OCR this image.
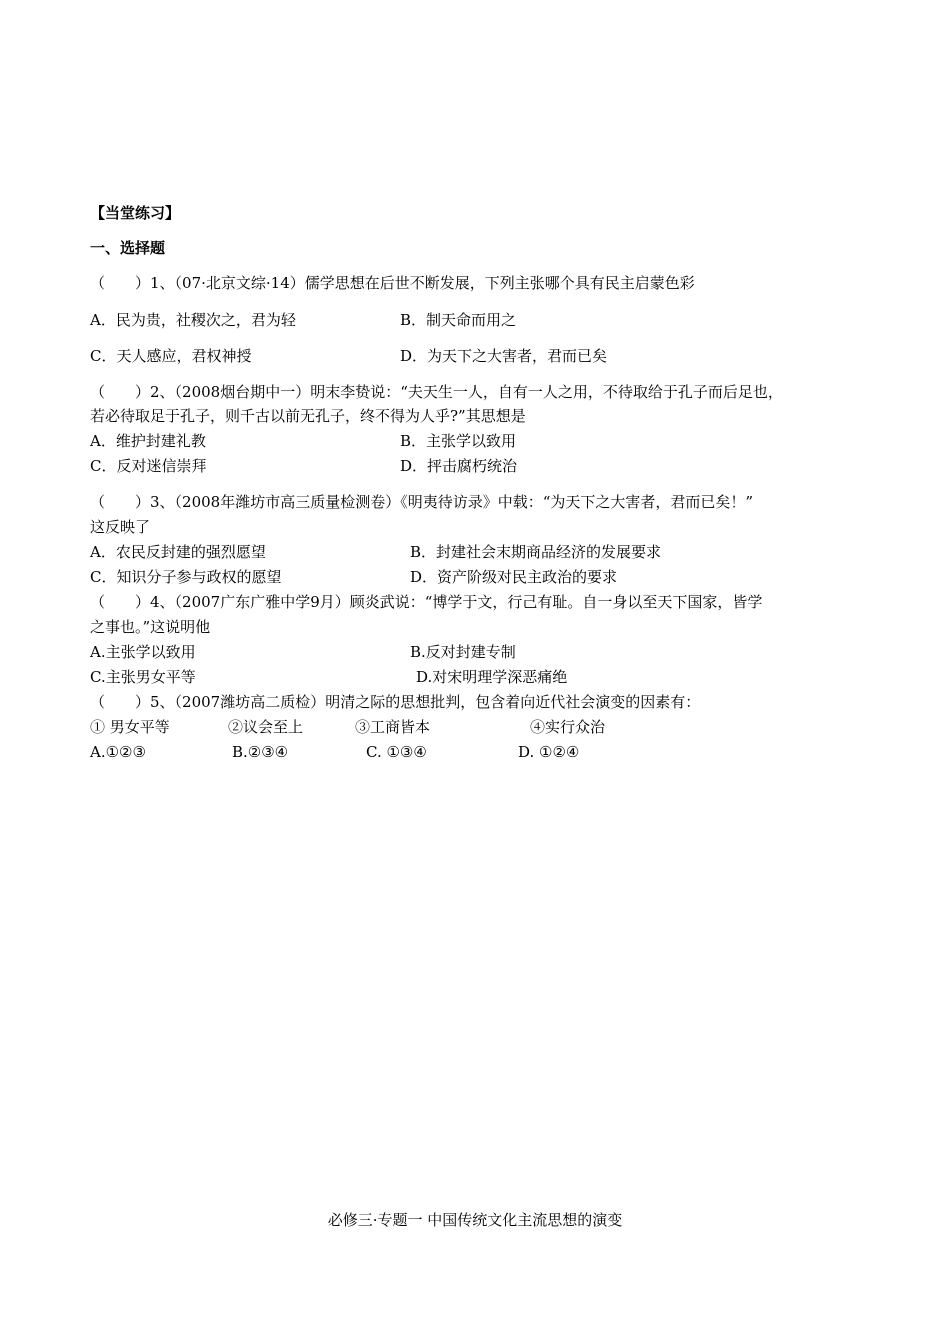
【当堂练习】
一、选择题
（　　）1、（07·北京文综·14）儒学思想在后世不断发展，下列主张哪个具有民主启蒙色彩
A．民为贵，社稷次之，君为轻	B．制天命而用之
C．天人感应，君权神授	D．为天下之大害者，君而已矣
（　　）2、（2008烟台期中一）明末李贽说：“夫天生一人，自有一人之用，不待取给于孔子而后足也，
若必待取足于孔子，则千古以前无孔子，终不得为人乎?”其思想是
A．维护封建礼教	B．主张学以致用
C．反对迷信崇拜	D．抨击腐朽统治
（　　）3、（2008年潍坊市高三质量检测卷）《明夷待访录》中载：“为天下之大害者，君而已矣！”
这反映了
A．农民反封建的强烈愿望	B．封建社会末期商品经济的发展要求
C．知识分子参与政权的愿望	D．资产阶级对民主政治的要求
（　　）4、（2007广东广雅中学9月）顾炎武说：“博学于文，行己有耻。自一身以至天下国家，皆学
之事也。”这说明他
A.主张学以致用	B.反对封建专制
C.主张男女平等	D.对宋明理学深恶痛绝
（　　）5、（2007潍坊高二质检）明清之际的思想批判，包含着向近代社会演变的因素有：
① 男女平等	②议会至上	③工商皆本	④实行众治
A.①②③	B.②③④	C. ①③④	D. ①②④
必修三·专题一 中国传统文化主流思想的演变
